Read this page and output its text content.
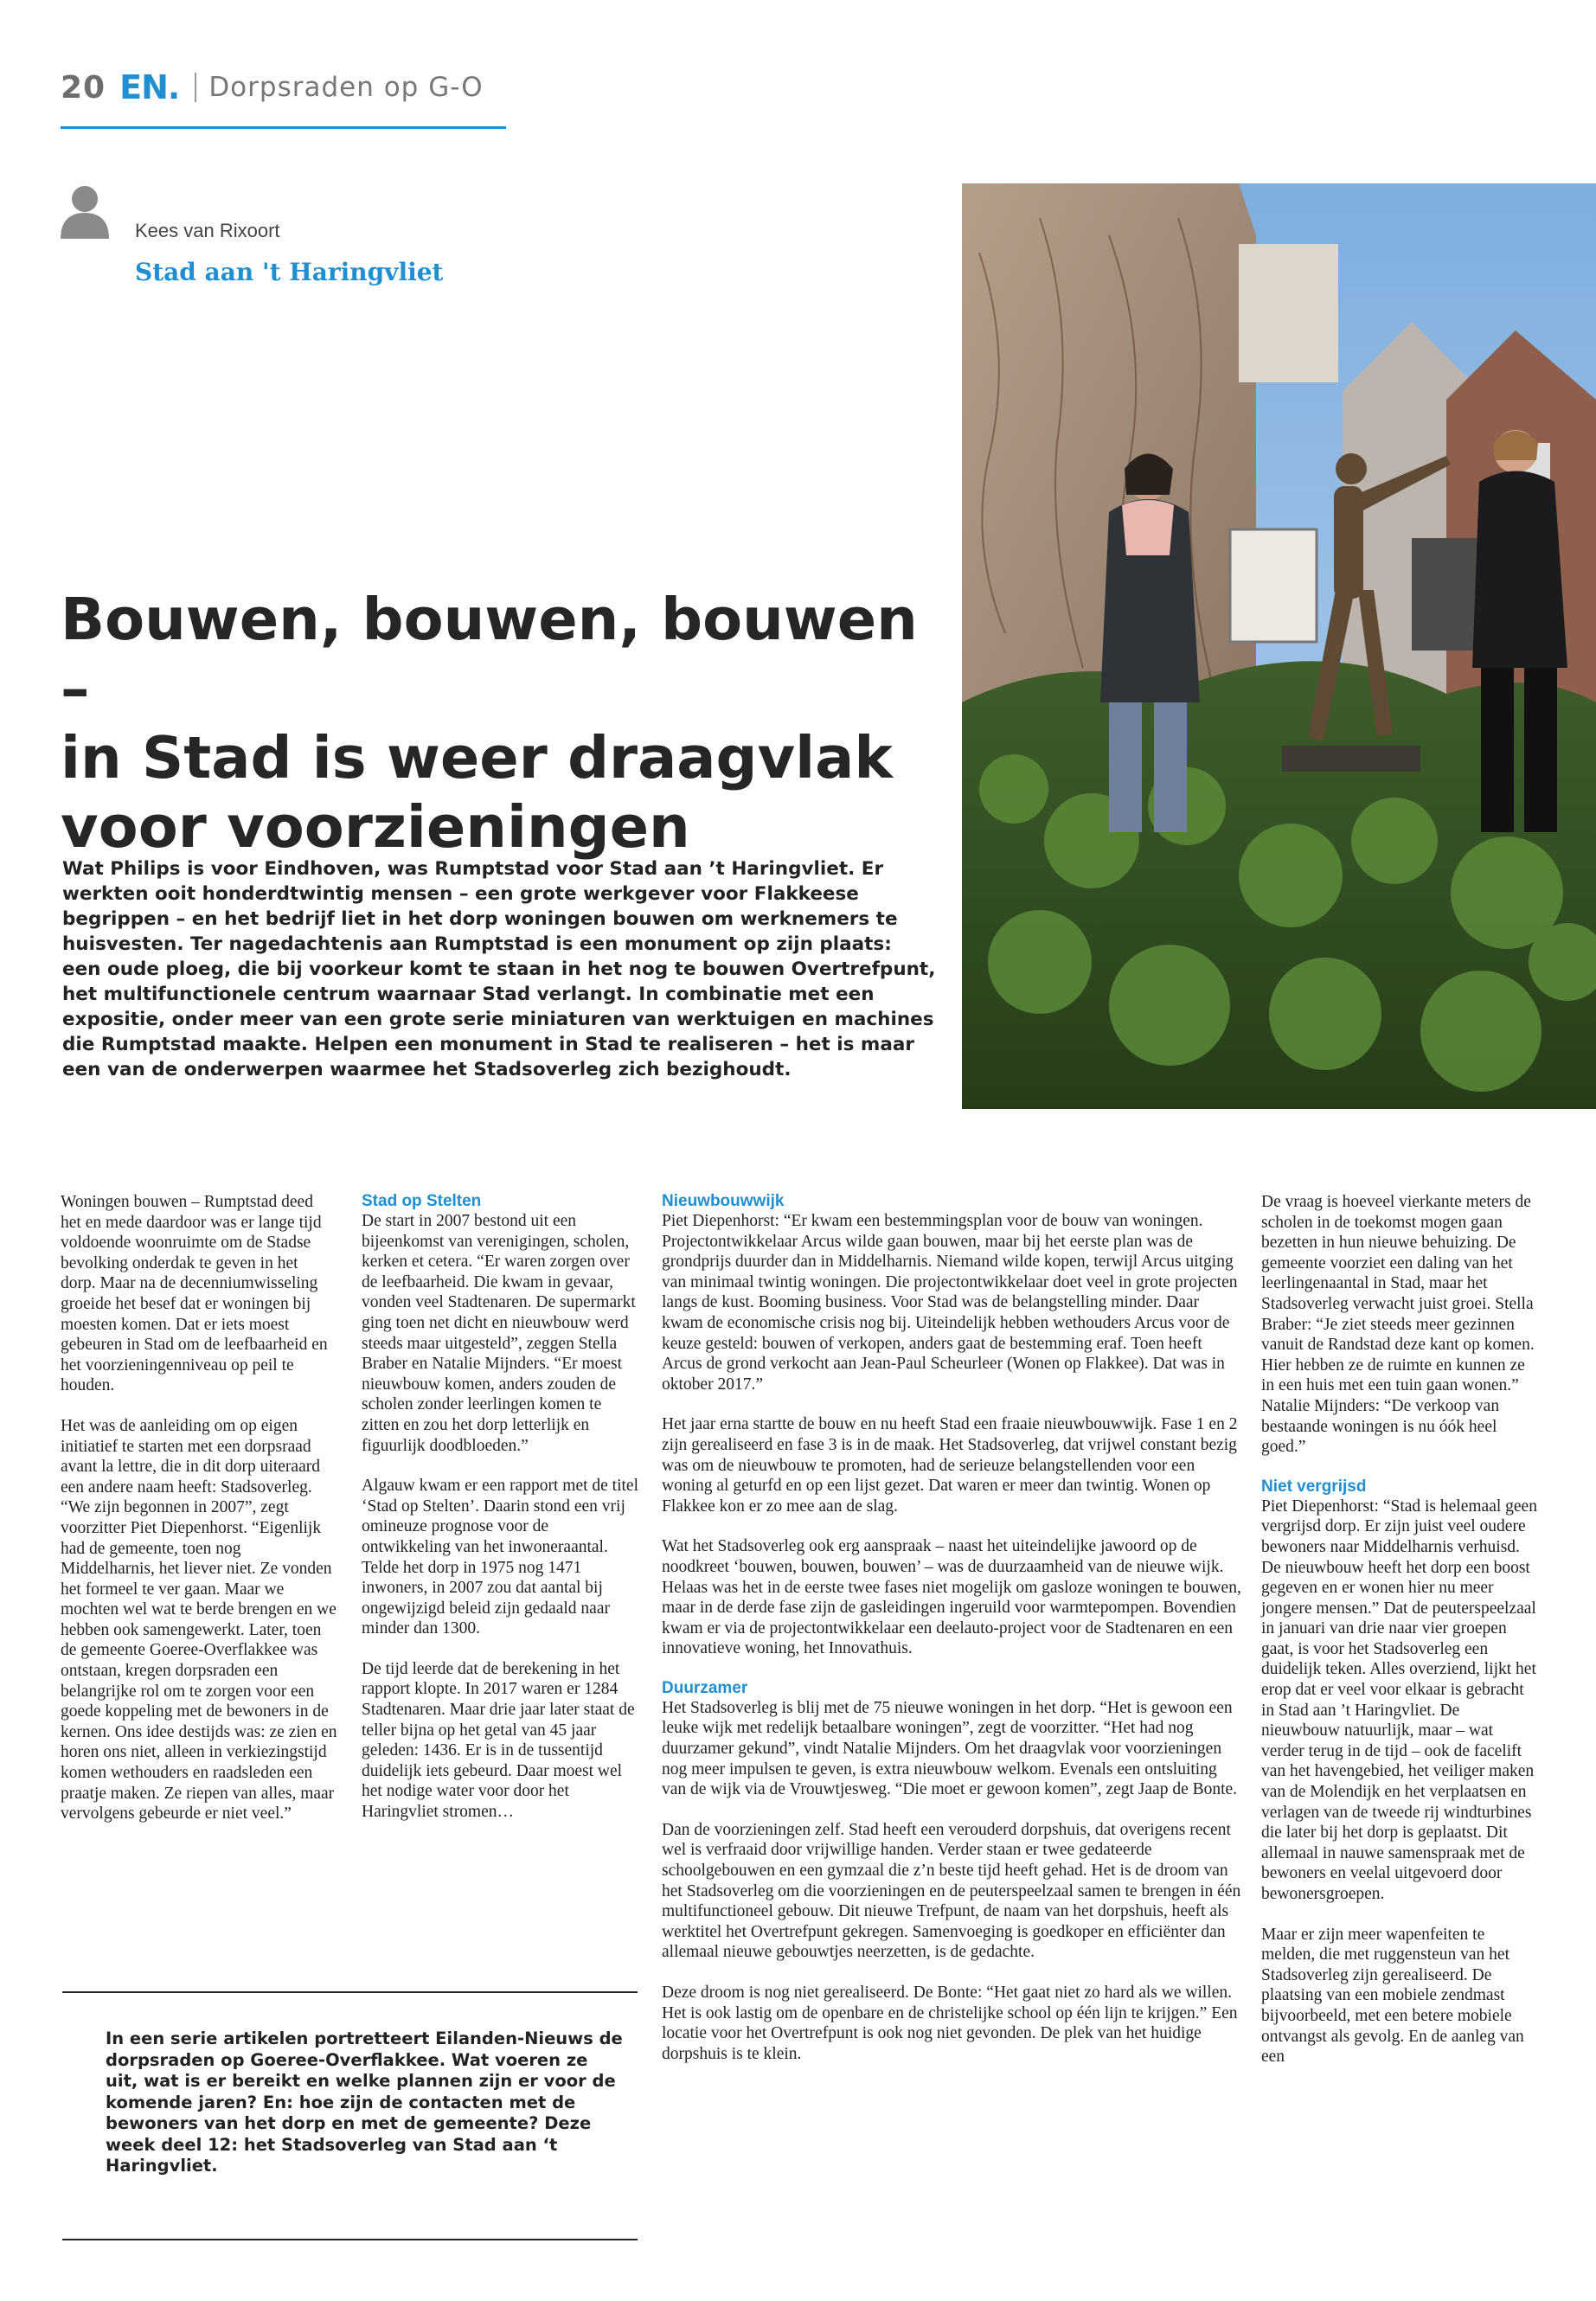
20 EN. Dorpsraden op G-O
Kees van Rixoort
Stad aan 't Haringvliet
Bouwen, bouwen, bouwen –
in Stad is weer draagvlak
voor voorzieningen

Wat Philips is voor Eindhoven, was Rumptstad voor Stad aan ’t Haringvliet. Er werkten ooit honderdtwintig mensen – een grote werkgever voor Flakkeese begrippen – en het bedrijf liet in het dorp woningen bouwen om werknemers te huisvesten. Ter nagedachtenis aan Rumptstad is een monument op zijn plaats: een oude ploeg, die bij voorkeur komt te staan in het nog te bouwen Overtrefpunt, het multifunctionele centrum waarnaar Stad verlangt. In combinatie met een expositie, onder meer van een grote serie miniaturen van werktuigen en machines die Rumptstad maakte. Helpen een monument in Stad te realiseren – het is maar een van de onderwerpen waarmee het Stadsoverleg zich bezighoudt.

Woningen bouwen – Rumptstad deed het en mede daardoor was er lange tijd voldoende woonruimte om de Stadse bevolking onderdak te geven in het dorp. Maar na de decenniumwisseling groeide het besef dat er woningen bij moesten komen. Dat er iets moest gebeuren in Stad om de leefbaarheid en het voorzieningenniveau op peil te houden.

Het was de aanleiding om op eigen initiatief te starten met een dorpsraad avant la lettre, die in dit dorp uiteraard een andere naam heeft: Stadsoverleg. “We zijn begonnen in 2007”, zegt voorzitter Piet Diepenhorst. “Eigenlijk had de gemeente, toen nog Middelharnis, het liever niet. Ze vonden het formeel te ver gaan. Maar we mochten wel wat te berde brengen en we hebben ook samengewerkt. Later, toen de gemeente Goeree-Overflakkee was ontstaan, kregen dorpsraden een belangrijke rol om te zorgen voor een goede koppeling met de bewoners in de kernen. Ons idee destijds was: ze zien en horen ons niet, alleen in verkiezingstijd komen wethouders en raadsleden een praatje maken. Ze riepen van alles, maar vervolgens gebeurde er niet veel.”

Stad op Stelten

De start in 2007 bestond uit een bijeenkomst van verenigingen, scholen, kerken et cetera. “Er waren zorgen over de leefbaarheid. Die kwam in gevaar, vonden veel Stadtenaren. De supermarkt ging toen net dicht en nieuwbouw werd steeds maar uitgesteld”, zeggen Stella Braber en Natalie Mijnders. “Er moest nieuwbouw komen, anders zouden de scholen zonder leerlingen komen te zitten en zou het dorp letterlijk en figuurlijk doodbloeden.”

Algauw kwam er een rapport met de titel ‘Stad op Stelten’. Daarin stond een vrij omineuze prognose voor de ontwikkeling van het inwoneraantal. Telde het dorp in 1975 nog 1471 inwoners, in 2007 zou dat aantal bij ongewijzigd beleid zijn gedaald naar minder dan 1300.

De tijd leerde dat de berekening in het rapport klopte. In 2017 waren er 1284 Stadtenaren. Maar drie jaar later staat de teller bijna op het getal van 45 jaar geleden: 1436. Er is in de tussentijd duidelijk iets gebeurd. Daar moest wel het nodige water voor door het Haringvliet stromen…

Nieuwbouwwijk

Piet Diepenhorst: “Er kwam een bestemmingsplan voor de bouw van woningen. Projectontwikkelaar Arcus wilde gaan bouwen, maar bij het eerste plan was de grondprijs duurder dan in Middelharnis. Niemand wilde kopen, terwijl Arcus uitging van minimaal twintig woningen. Die projectontwikkelaar doet veel in grote projecten langs de kust. Booming business. Voor Stad was de belangstelling minder. Daar kwam de economische crisis nog bij. Uiteindelijk hebben wethouders Arcus voor de keuze gesteld: bouwen of verkopen, anders gaat de bestemming eraf. Toen heeft Arcus de grond verkocht aan Jean-Paul Scheurleer (Wonen op Flakkee). Dat was in oktober 2017.”

Het jaar erna startte de bouw en nu heeft Stad een fraaie nieuwbouwwijk. Fase 1 en 2 zijn gerealiseerd en fase 3 is in de maak. Het Stadsoverleg, dat vrijwel constant bezig was om de nieuwbouw te promoten, had de serieuze belangstellenden voor een woning al geturfd en op een lijst gezet. Dat waren er meer dan twintig. Wonen op Flakkee kon er zo mee aan de slag.

Wat het Stadsoverleg ook erg aanspraak – naast het uiteindelijke jawoord op de noodkreet ‘bouwen, bouwen, bouwen’ – was de duurzaamheid van de nieuwe wijk. Helaas was het in de eerste twee fases niet mogelijk om gasloze woningen te bouwen, maar in de derde fase zijn de gasleidingen ingeruild voor warmtepompen. Bovendien kwam er via de projectontwikkelaar een deelauto-project voor de Stadtenaren en een innovatieve woning, het Innovathuis.

Duurzamer

Het Stadsoverleg is blij met de 75 nieuwe woningen in het dorp. “Het is gewoon een leuke wijk met redelijk betaalbare woningen”, zegt de voorzitter. “Het had nog duurzamer gekund”, vindt Natalie Mijnders. Om het draagvlak voor voorzieningen nog meer impulsen te geven, is extra nieuwbouw welkom. Evenals een ontsluiting van de wijk via de Vrouwtjesweg. “Die moet er gewoon komen”, zegt Jaap de Bonte.

Dan de voorzieningen zelf. Stad heeft een verouderd dorpshuis, dat overigens recent wel is verfraaid door vrijwillige handen. Verder staan er twee gedateerde schoolgebouwen en een gymzaal die z’n beste tijd heeft gehad. Het is de droom van het Stadsoverleg om die voorzieningen en de peuterspeelzaal samen te brengen in één multifunctioneel gebouw. Dit nieuwe Trefpunt, de naam van het dorpshuis, heeft als werktitel het Overtrefpunt gekregen. Samenvoeging is goedkoper en efficiënter dan allemaal nieuwe gebouwtjes neerzetten, is de gedachte.

Deze droom is nog niet gerealiseerd. De Bonte: “Het gaat niet zo hard als we willen. Het is ook lastig om de openbare en de christelijke school op één lijn te krijgen.” Een locatie voor het Overtrefpunt is ook nog niet gevonden. De plek van het huidige dorpshuis is te klein.

De vraag is hoeveel vierkante meters de scholen in de toekomst mogen gaan bezetten in hun nieuwe behuizing. De gemeente voorziet een daling van het leerlingenaantal in Stad, maar het Stadsoverleg verwacht juist groei. Stella Braber: “Je ziet steeds meer gezinnen vanuit de Randstad deze kant op komen. Hier hebben ze de ruimte en kunnen ze in een huis met een tuin gaan wonen.” Natalie Mijnders: “De verkoop van bestaande woningen is nu óók heel goed.”

Niet vergrijsd

Piet Diepenhorst: “Stad is helemaal geen vergrijsd dorp. Er zijn juist veel oudere bewoners naar Middelharnis verhuisd. De nieuwbouw heeft het dorp een boost gegeven en er wonen hier nu meer jongere mensen.” Dat de peuterspeelzaal in januari van drie naar vier groepen gaat, is voor het Stadsoverleg een duidelijk teken. Alles overziend, lijkt het erop dat er veel voor elkaar is gebracht in Stad aan ’t Haringvliet. De nieuwbouw natuurlijk, maar – wat verder terug in de tijd – ook de facelift van het havengebied, het veiliger maken van de Molendijk en het verplaatsen en verlagen van de tweede rij windturbines die later bij het dorp is geplaatst. Dit allemaal in nauwe samenspraak met de bewoners en veelal uitgevoerd door bewonersgroepen.

Maar er zijn meer wapenfeiten te melden, die met ruggensteun van het Stadsoverleg zijn gerealiseerd. De plaatsing van een mobiele zendmast bijvoorbeeld, met een betere mobiele ontvangst als gevolg. En de aanleg van een

In een serie artikelen portretteert Eilanden-Nieuws de dorpsraden op Goeree-Overflakkee. Wat voeren ze uit, wat is er bereikt en welke plannen zijn er voor de komende jaren? En: hoe zijn de contacten met de bewoners van het dorp en met de gemeente? Deze week deel 12: het Stadsoverleg van Stad aan ‘t Haringvliet.
